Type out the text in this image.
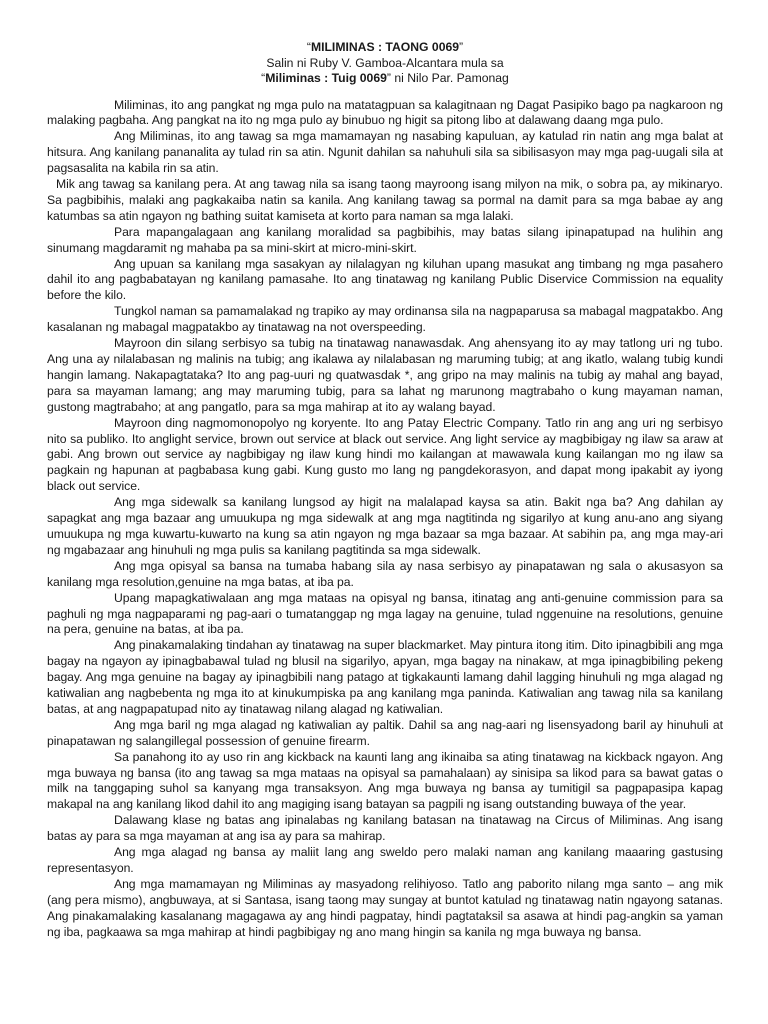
“MILIMINAS : TAONG 0069”
Salin ni Ruby V. Gamboa-Alcantara mula sa
“Miliminas : Tuig 0069” ni Nilo Par. Pamonag

Miliminas, ito ang pangkat ng mga pulo na matatagpuan sa kalagitnaan ng Dagat Pasipiko bago pa nagkaroon ng malaking pagbaha. Ang pangkat na ito ng mga pulo ay binubuo ng higit sa pitong libo at dalawang daang mga pulo.

Ang Miliminas, ito ang tawag sa mga mamamayan ng nasabing kapuluan, ay katulad rin natin ang mga balat at hitsura. Ang kanilang pananalita ay tulad rin sa atin. Ngunit dahilan sa nahuhuli sila sa sibilisasyon may mga pag-uugali sila at pagsasalita na kabila rin sa atin.

Mik ang tawag sa kanilang pera. At ang tawag nila sa isang taong mayroong isang milyon na mik, o sobra pa, ay mikinaryo. Sa pagbibihis, malaki ang pagkakaiba natin sa kanila. Ang kanilang tawag sa pormal na damit para sa mga babae ay ang katumbas sa atin ngayon ng bathing suitat kamiseta at korto para naman sa mga lalaki.

Para mapangalagaan ang kanilang moralidad sa pagbibihis, may batas silang ipinapatupad na hulihin ang sinumang magdaramit ng mahaba pa sa mini-skirt at micro-mini-skirt.

Ang upuan sa kanilang mga sasakyan ay nilalagyan ng kiluhan upang masukat ang timbang ng mga pasahero dahil ito ang pagbabatayan ng kanilang pamasahe. Ito ang tinatawag ng kanilang Public Diservice Commission na equality before the kilo.

Tungkol naman sa pamamalakad ng trapiko ay may ordinansa sila na nagpaparusa sa mabagal magpatakbo. Ang kasalanan ng mabagal magpatakbo ay tinatawag na not overspeeding.

Mayroon din silang serbisyo sa tubig na tinatawag nanawasdak. Ang ahensyang ito ay may tatlong uri ng tubo. Ang una ay nilalabasan ng malinis na tubig; ang ikalawa ay nilalabasan ng maruming tubig; at ang ikatlo, walang tubig kundi hangin lamang. Nakapagtataka? Ito ang pag-uuri ng quatwasdak *, ang gripo na may malinis na tubig ay mahal ang bayad, para sa mayaman lamang; ang may maruming tubig, para sa lahat ng marunong magtrabaho o kung mayaman naman, gustong magtrabaho; at ang pangatlo, para sa mga mahirap at ito ay walang bayad.

Mayroon ding nagmomonopolyo ng koryente. Ito ang Patay Electric Company. Tatlo rin ang ang uri ng serbisyo nito sa publiko. Ito anglight service, brown out service at black out service. Ang light service ay magbibigay ng ilaw sa araw at gabi. Ang brown out service ay nagbibigay ng ilaw kung hindi mo kailangan at mawawala kung kailangan mo ng ilaw sa pagkain ng hapunan at pagbabasa kung gabi. Kung gusto mo lang ng pangdekorasyon, and dapat mong ipakabit ay iyong black out service.

Ang mga sidewalk sa kanilang lungsod ay higit na malalapad kaysa sa atin. Bakit nga ba? Ang dahilan ay sapagkat ang mga bazaar ang umuukupa ng mga sidewalk at ang mga nagtitinda ng sigarilyo at kung anu-ano ang siyang umuukupa ng mga kuwartu-kuwarto na kung sa atin ngayon ng mga bazaar sa mga bazaar. At sabihin pa, ang mga may-ari ng mgabazaar ang hinuhuli ng mga pulis sa kanilang pagtitinda sa mga sidewalk.

Ang mga opisyal sa bansa na tumaba habang sila ay nasa serbisyo ay pinapatawan ng sala o akusasyon sa kanilang mga resolution,genuine na mga batas, at iba pa.

Upang mapagkatiwalaan ang mga mataas na opisyal ng bansa, itinatag ang anti-genuine commission para sa paghuli ng mga nagpaparami ng pag-aari o tumatanggap ng mga lagay na genuine, tulad nggenuine na resolutions, genuine na pera, genuine na batas, at iba pa.

Ang pinakamalaking tindahan ay tinatawag na super blackmarket. May pintura itong itim. Dito ipinagbibili ang mga bagay na ngayon ay ipinagbabawal tulad ng blusil na sigarilyo, apyan, mga bagay na ninakaw, at mga ipinagbibiling pekeng bagay. Ang mga genuine na bagay ay ipinagbibili nang patago at tigkakaunti lamang dahil lagging hinuhuli ng mga alagad ng katiwalian ang nagbebenta ng mga ito at kinukumpiska pa ang kanilang mga paninda. Katiwalian ang tawag nila sa kanilang batas, at ang nagpapatupad nito ay tinatawag nilang alagad ng katiwalian.

Ang mga baril ng mga alagad ng katiwalian ay paltik. Dahil sa ang nag-aari ng lisensyadong baril ay hinuhuli at pinapatawan ng salangillegal possession of genuine firearm.

Sa panahong ito ay uso rin ang kickback na kaunti lang ang ikinaiba sa ating tinatawag na kickback ngayon. Ang mga buwaya ng bansa (ito ang tawag sa mga mataas na opisyal sa pamahalaan) ay sinisipa sa likod para sa bawat gatas o milk na tanggaping suhol sa kanyang mga transaksyon. Ang mga buwaya ng bansa ay tumitigil sa pagpapasipa kapag makapal na ang kanilang likod dahil ito ang magiging isang batayan sa pagpili ng isang outstanding buwaya of the year.

Dalawang klase ng batas ang ipinalabas ng kanilang batasan na tinatawag na Circus of Miliminas. Ang isang batas ay para sa mga mayaman at ang isa ay para sa mahirap.

Ang mga alagad ng bansa ay maliit lang ang sweldo pero malaki naman ang kanilang maaaring gastusing representasyon.

Ang mga mamamayan ng Miliminas ay masyadong relihiyoso. Tatlo ang paborito nilang mga santo – ang mik (ang pera mismo), angbuwaya, at si Santasa, isang taong may sungay at buntot katulad ng tinatawag natin ngayong satanas. Ang pinakamalaking kasalanang magagawa ay ang hindi pagpatay, hindi pagtataksil sa asawa at hindi pag-angkin sa yaman ng iba, pagkaawa sa mga mahirap at hindi pagbibigay ng ano mang hingin sa kanila ng mga buwaya ng bansa.
